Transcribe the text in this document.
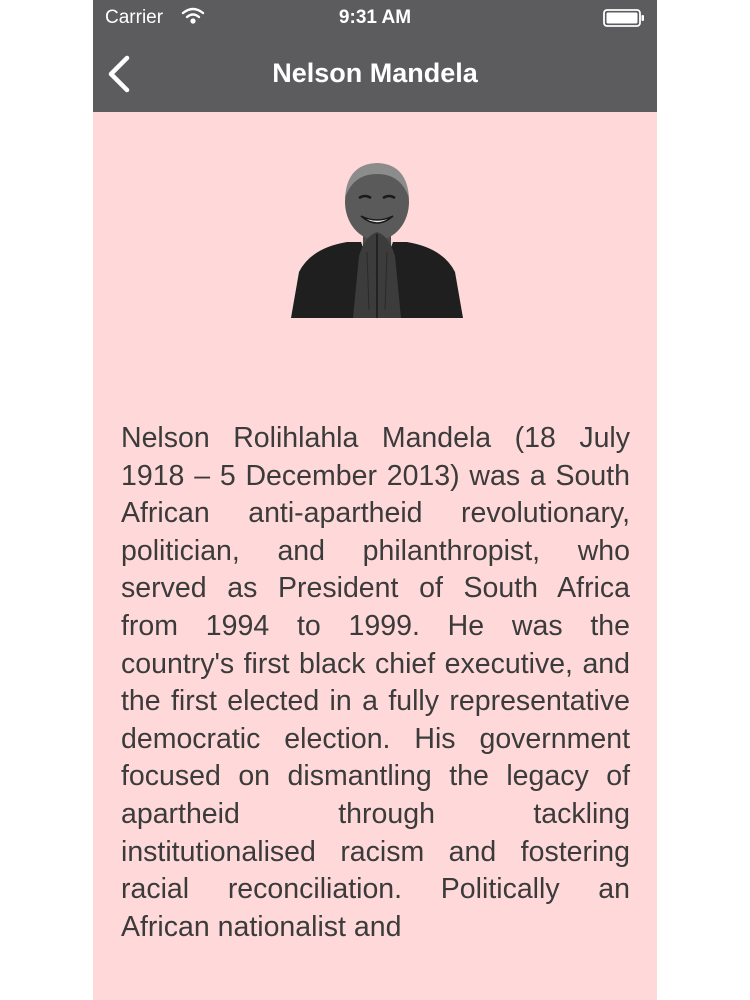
Carrier	9:31 AM
Nelson Mandela

Nelson Rolihlahla Mandela (18 July 1918 – 5 December 2013) was a South African anti-apartheid revolutionary, politician, and philanthropist, who served as President of South Africa from 1994 to 1999. He was the country's first black chief executive, and the first elected in a fully representative democratic election. His government focused on dismantling the legacy of apartheid through tackling institutionalised racism and fostering racial reconciliation. Politically an African nationalist and
